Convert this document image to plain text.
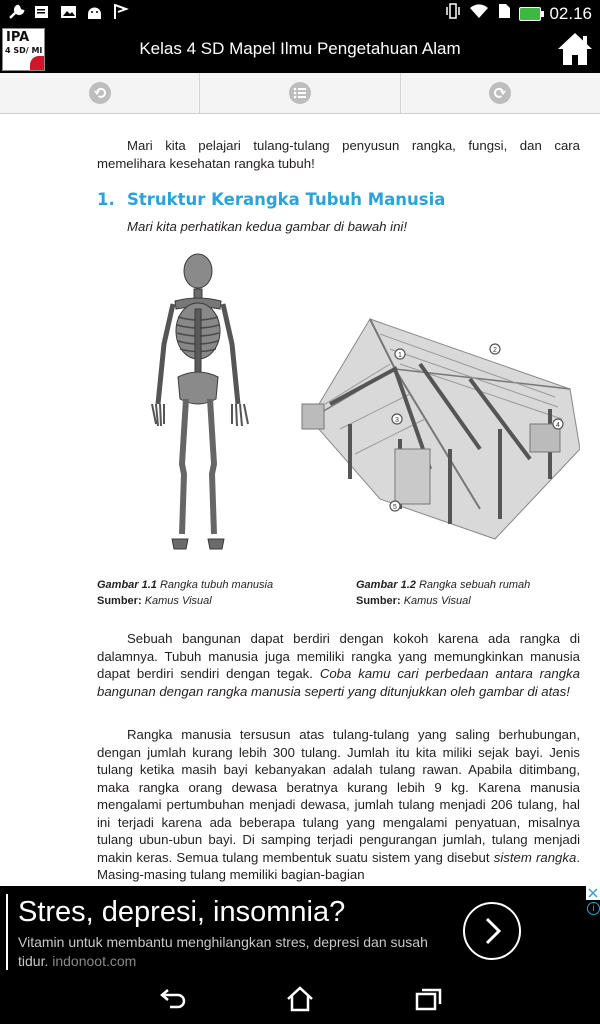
02.16
IPA
4 SD/ MI	Kelas 4 SD Mapel Ilmu Pengetahuan Alam
Mari kita pelajari tulang-tulang penyusun rangka, fungsi, dan cara memelihara kesehatan rangka tubuh!
1. Struktur Kerangka Tubuh Manusia
Mari kita perhatikan kedua gambar di bawah ini!
1
2
3
4
5
Gambar 1.1 Rangka tubuh manusia
Sumber: Kamus Visual
Gambar 1.2 Rangka sebuah rumah
Sumber: Kamus Visual
Sebuah bangunan dapat berdiri dengan kokoh karena ada rangka di dalamnya. Tubuh manusia juga memiliki rangka yang memungkinkan manusia dapat berdiri sendiri dengan tegak. Coba kamu cari perbedaan antara rangka bangunan dengan rangka manusia seperti yang ditunjukkan oleh gambar di atas!
Rangka manusia tersusun atas tulang-tulang yang saling berhubungan, dengan jumlah kurang lebih 300 tulang. Jumlah itu kita miliki sejak bayi. Jenis tulang ketika masih bayi kebanyakan adalah tulang rawan. Apabila ditimbang, maka rangka orang dewasa beratnya kurang lebih 9 kg. Karena manusia mengalami pertumbuhan menjadi dewasa, jumlah tulang menjadi 206 tulang, hal ini terjadi karena ada beberapa tulang yang mengalami penyatuan, misalnya tulang ubun-ubun bayi. Di samping terjadi pengurangan jumlah, tulang menjadi makin keras. Semua tulang membentuk suatu sistem yang disebut sistem rangka. Masing-masing tulang memiliki bagian-bagian
Stres, depresi, insomnia?
Vitamin untuk membantu menghilangkan stres, depresi dan susah tidur. indonoot.com
i
